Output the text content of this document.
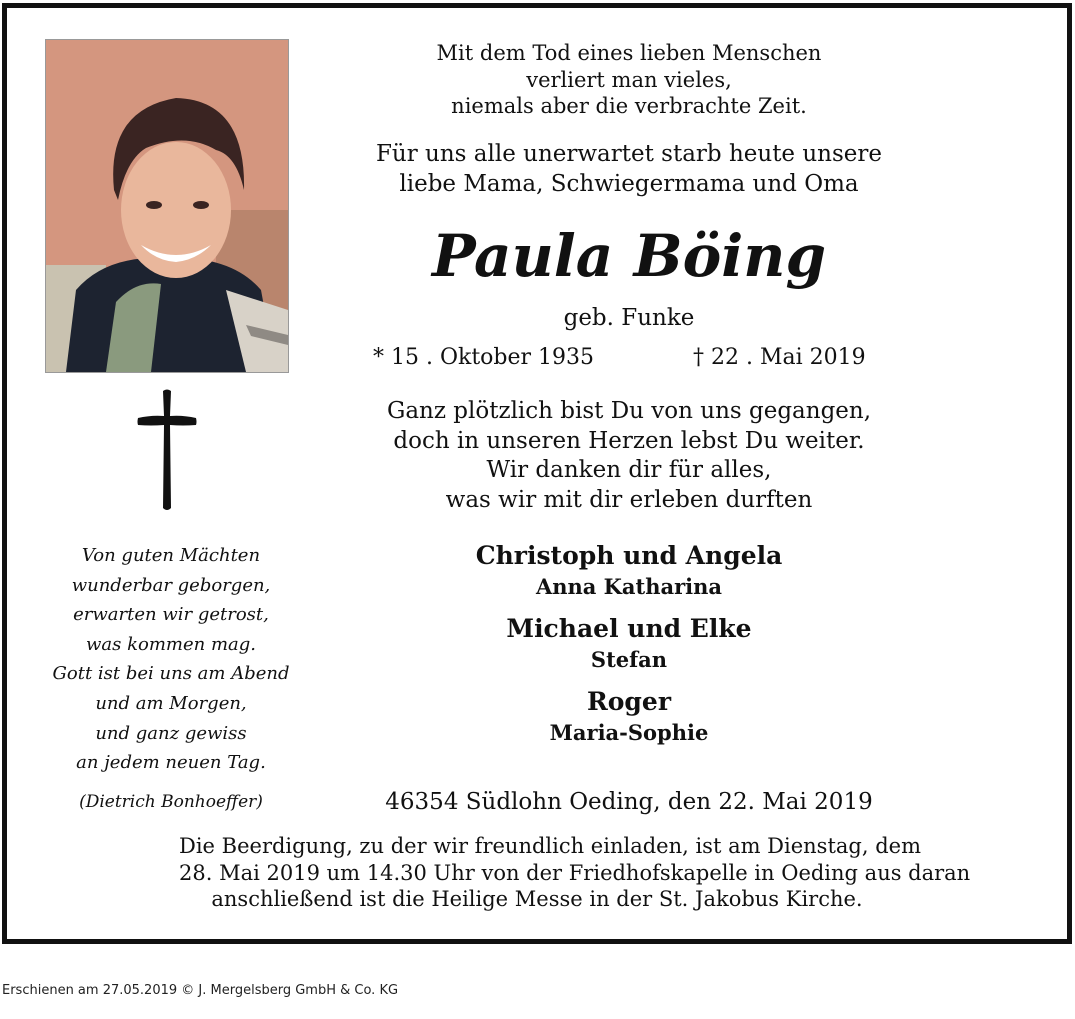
Von guten Mächten
wunderbar geborgen,
erwarten wir getrost,
was kommen mag.
Gott ist bei uns am Abend
und am Morgen,
und ganz gewiss
an jedem neuen Tag.
(Dietrich Bonhoeffer)
Mit dem Tod eines lieben Menschen
verliert man vieles,
niemals aber die verbrachte Zeit.
Für uns alle unerwartet starb heute unsere
liebe Mama, Schwiegermama und Oma
Paula Böing
geb. Funke
* 15 . Oktober 1935	† 22 . Mai 2019
Ganz plötzlich bist Du von uns gegangen,
doch in unseren Herzen lebst Du weiter.
Wir danken dir für alles,
was wir mit dir erleben durften
Christoph und Angela
Anna Katharina
Michael und Elke
Stefan
Roger
Maria-Sophie
46354 Südlohn Oeding, den 22. Mai 2019
Die Beerdigung, zu der wir freundlich einladen, ist am Dienstag, dem
28. Mai 2019 um 14.30 Uhr von der Friedhofskapelle in Oeding aus daran
anschließend ist die Heilige Messe in der St. Jakobus Kirche.
Erschienen am 27.05.2019 © J. Mergelsberg GmbH & Co. KG
